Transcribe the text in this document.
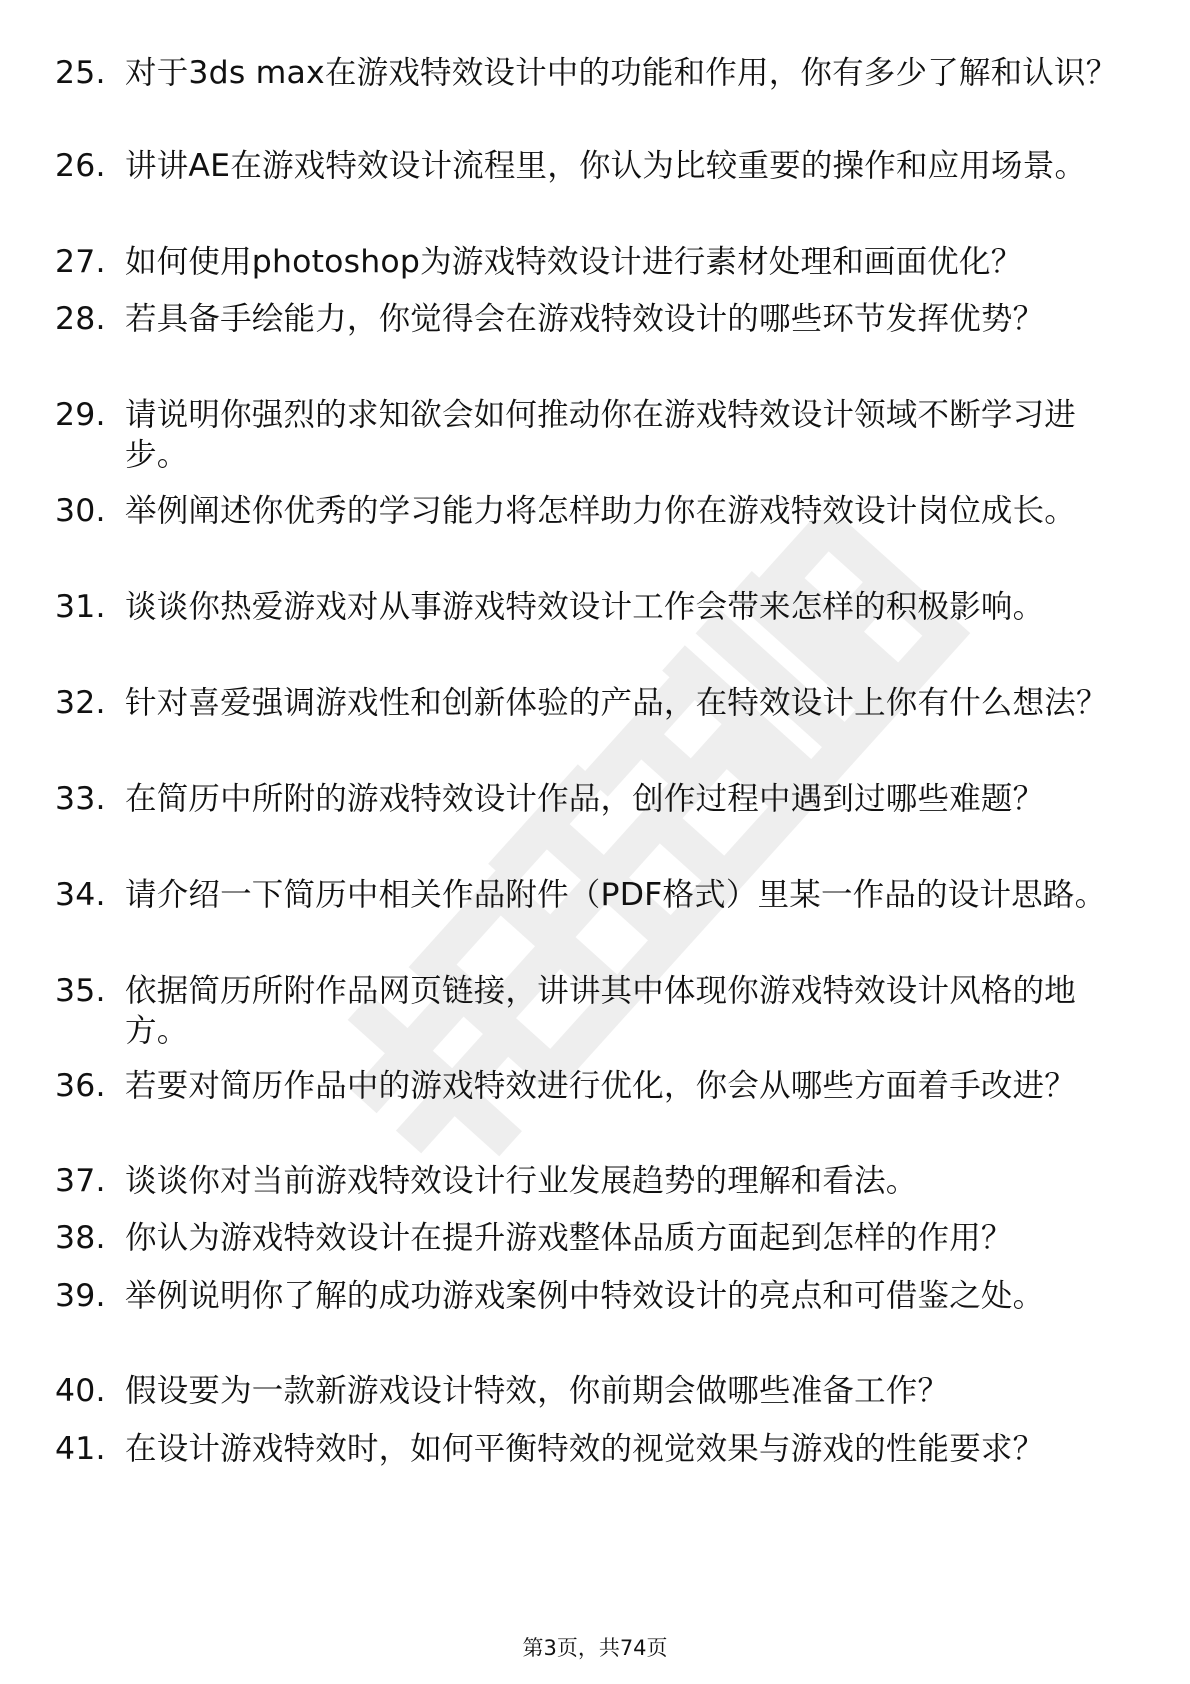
25. 对于3ds max在游戏特效设计中的功能和作用，你有多少了解和认识？
26. 讲讲AE在游戏特效设计流程里，你认为比较重要的操作和应用场景。
27. 如何使用photoshop为游戏特效设计进行素材处理和画面优化？
28. 若具备手绘能力，你觉得会在游戏特效设计的哪些环节发挥优势？
29. 请说明你强烈的求知欲会如何推动你在游戏特效设计领域不断学习进步。
30. 举例阐述你优秀的学习能力将怎样助力你在游戏特效设计岗位成长。
31. 谈谈你热爱游戏对从事游戏特效设计工作会带来怎样的积极影响。
32. 针对喜爱强调游戏性和创新体验的产品，在特效设计上你有什么想法？
33. 在简历中所附的游戏特效设计作品，创作过程中遇到过哪些难题？
34. 请介绍一下简历中相关作品附件（PDF格式）里某一作品的设计思路。
35. 依据简历所附作品网页链接，讲讲其中体现你游戏特效设计风格的地方。
36. 若要对简历作品中的游戏特效进行优化，你会从哪些方面着手改进？
37. 谈谈你对当前游戏特效设计行业发展趋势的理解和看法。
38. 你认为游戏特效设计在提升游戏整体品质方面起到怎样的作用？
39. 举例说明你了解的成功游戏案例中特效设计的亮点和可借鉴之处。
40. 假设要为一款新游戏设计特效，你前期会做哪些准备工作？
41. 在设计游戏特效时，如何平衡特效的视觉效果与游戏的性能要求？
第3页，共74页
